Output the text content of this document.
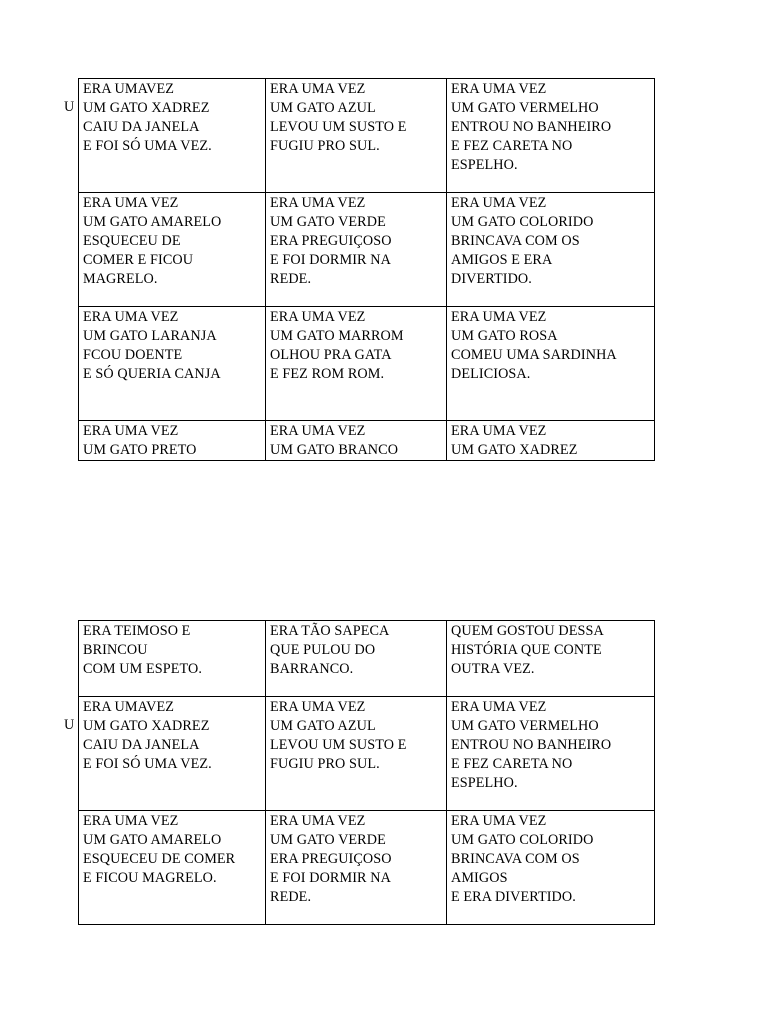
ERA UMAVEZ
UM GATO XADREZ
CAIU DA JANELA
E FOI SÓ UMA VEZ.	ERA UMA VEZ
UM GATO AZUL
LEVOU UM SUSTO E
FUGIU PRO SUL.	ERA UMA VEZ
UM GATO VERMELHO
ENTROU NO BANHEIRO
E FEZ CARETA NO
ESPELHO.
ERA UMA VEZ
UM GATO AMARELO
ESQUECEU DE
COMER E FICOU
MAGRELO.	ERA UMA VEZ
UM GATO VERDE
ERA PREGUIÇOSO
E FOI DORMIR NA
REDE.	ERA UMA VEZ
UM GATO COLORIDO
BRINCAVA COM OS
AMIGOS E ERA
DIVERTIDO.
ERA UMA VEZ
UM GATO LARANJA
FCOU DOENTE
E SÓ QUERIA CANJA	ERA UMA VEZ
UM GATO MARROM
OLHOU PRA GATA
E FEZ ROM ROM.	ERA UMA VEZ
UM GATO ROSA
COMEU UMA SARDINHA
DELICIOSA.
ERA UMA VEZ
UM GATO PRETO	ERA UMA VEZ
UM GATO BRANCO	ERA UMA VEZ
UM GATO XADREZ
U
ERA TEIMOSO E
BRINCOU
COM UM ESPETO.	ERA TÃO SAPECA
QUE PULOU DO
BARRANCO.	QUEM GOSTOU DESSA
HISTÓRIA QUE CONTE
OUTRA VEZ.
ERA UMAVEZ
UM GATO XADREZ
CAIU DA JANELA
E FOI SÓ UMA VEZ.	ERA UMA VEZ
UM GATO AZUL
LEVOU UM SUSTO E
FUGIU PRO SUL.	ERA UMA VEZ
UM GATO VERMELHO
ENTROU NO BANHEIRO
E FEZ CARETA NO
ESPELHO.
ERA UMA VEZ
UM GATO AMARELO
ESQUECEU DE COMER
E FICOU MAGRELO.	ERA UMA VEZ
UM GATO VERDE
ERA PREGUIÇOSO
E FOI DORMIR NA
REDE.	ERA UMA VEZ
UM GATO COLORIDO
BRINCAVA COM OS
AMIGOS
E ERA DIVERTIDO.
U
